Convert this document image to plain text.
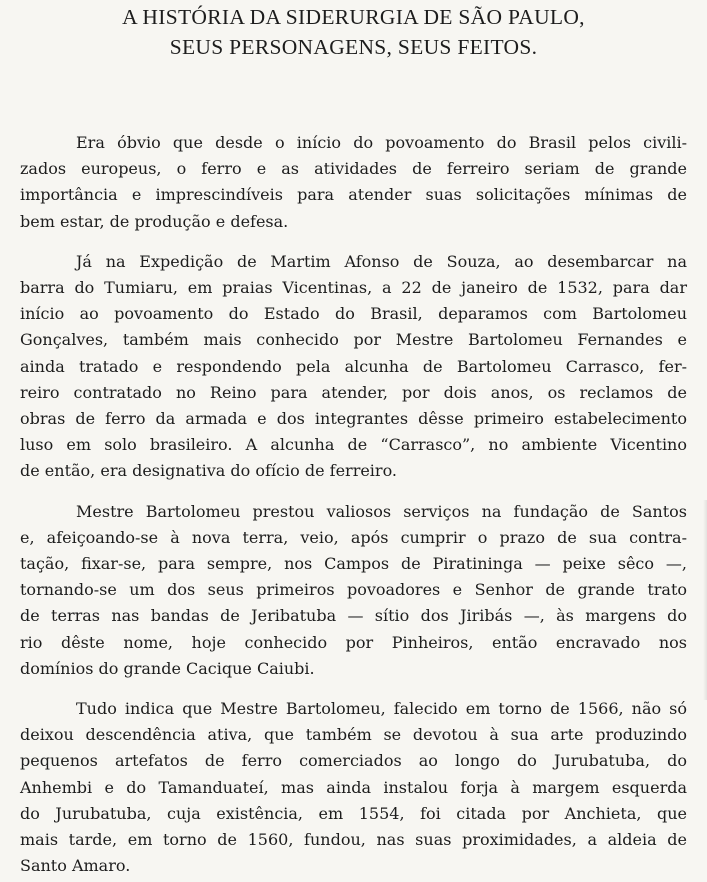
A HISTÓRIA DA SIDERURGIA DE SÃO PAULO,
SEUS PERSONAGENS, SEUS FEITOS.

Era óbvio que desde o início do povoamento do Brasil pelos civili-
zados europeus, o ferro e as atividades de ferreiro seriam de grande
importância e imprescindíveis para atender suas solicitações mínimas de
bem estar, de produção e defesa.

Já na Expedição de Martim Afonso de Souza, ao desembarcar na
barra do Tumiaru, em praias Vicentinas, a 22 de janeiro de 1532, para dar
início ao povoamento do Estado do Brasil, deparamos com Bartolomeu
Gonçalves, também mais conhecido por Mestre Bartolomeu Fernandes e
ainda tratado e respondendo pela alcunha de Bartolomeu Carrasco, fer-
reiro contratado no Reino para atender, por dois anos, os reclamos de
obras de ferro da armada e dos integrantes dêsse primeiro estabelecimento
luso em solo brasileiro. A alcunha de “Carrasco”, no ambiente Vicentino
de então, era designativa do ofício de ferreiro.

Mestre Bartolomeu prestou valiosos serviços na fundação de Santos
e, afeiçoando-se à nova terra, veio, após cumprir o prazo de sua contra-
tação, fixar-se, para sempre, nos Campos de Piratininga — peixe sêco —,
tornando-se um dos seus primeiros povoadores e Senhor de grande trato
de terras nas bandas de Jeribatuba — sítio dos Jiribás —, às margens do
rio dêste nome, hoje conhecido por Pinheiros, então encravado nos
domínios do grande Cacique Caiubi.

Tudo indica que Mestre Bartolomeu, falecido em torno de 1566, não só
deixou descendência ativa, que também se devotou à sua arte produzindo
pequenos artefatos de ferro comerciados ao longo do Jurubatuba, do
Anhembi e do Tamanduateí, mas ainda instalou forja à margem esquerda
do Jurubatuba, cuja existência, em 1554, foi citada por Anchieta, que
mais tarde, em torno de 1560, fundou, nas suas proximidades, a aldeia de
Santo Amaro.
